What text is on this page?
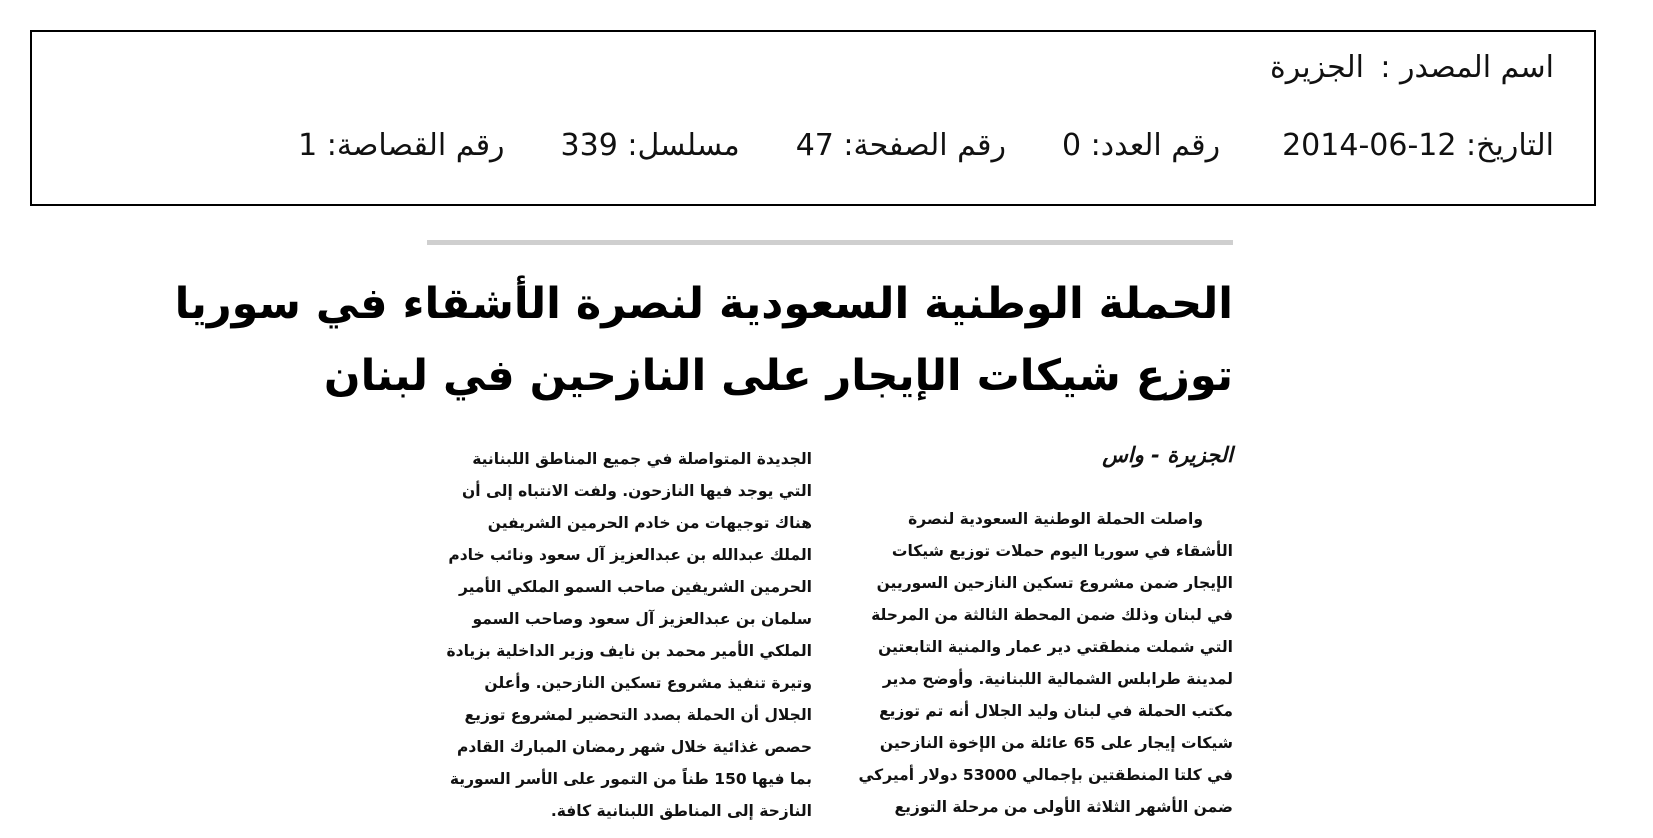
اسم المصدر :
الجزيرة
التاريخ: 12-06-2014
رقم العدد: 0
رقم الصفحة: 47
مسلسل: 339
رقم القصاصة: 1
الحملة الوطنية السعودية لنصرة الأشقاء في سوريا
توزع شيكات الإيجار على النازحين في لبنان
الجزيرة - واس
واصلت الحملة الوطنية السعودية لنصرة
الأشقاء في سوريا اليوم حملات توزيع شيكات
الإيجار ضمن مشروع تسكين النازحين السوريين
في لبنان وذلك ضمن المحطة الثالثة من المرحلة
التي شملت منطقتي دير عمار والمنية التابعتين
لمدينة طرابلس الشمالية اللبنانية. وأوضح مدير
مكتب الحملة في لبنان وليد الجلال أنه تم توزيع
شيكات إيجار على 65 عائلة من الإخوة النازحين
في كلتا المنطقتين بإجمالي 53000 دولار أميركي
ضمن الأشهر الثلاثة الأولى من مرحلة التوزيع
الجديدة المتواصلة في جميع المناطق اللبنانية
التي يوجد فيها النازحون. ولفت الانتباه إلى أن
هناك توجيهات من خادم الحرمين الشريفين
الملك عبدالله بن عبدالعزيز آل سعود ونائب خادم
الحرمين الشريفين صاحب السمو الملكي الأمير
سلمان بن عبدالعزيز آل سعود وصاحب السمو
الملكي الأمير محمد بن نايف وزير الداخلية بزيادة
وتيرة تنفيذ مشروع تسكين النازحين. وأعلن
الجلال أن الحملة بصدد التحضير لمشروع توزيع
حصص غذائية خلال شهر رمضان المبارك القادم
بما فيها 150 طناً من التمور على الأسر السورية
النازحة إلى المناطق اللبنانية كافة.
